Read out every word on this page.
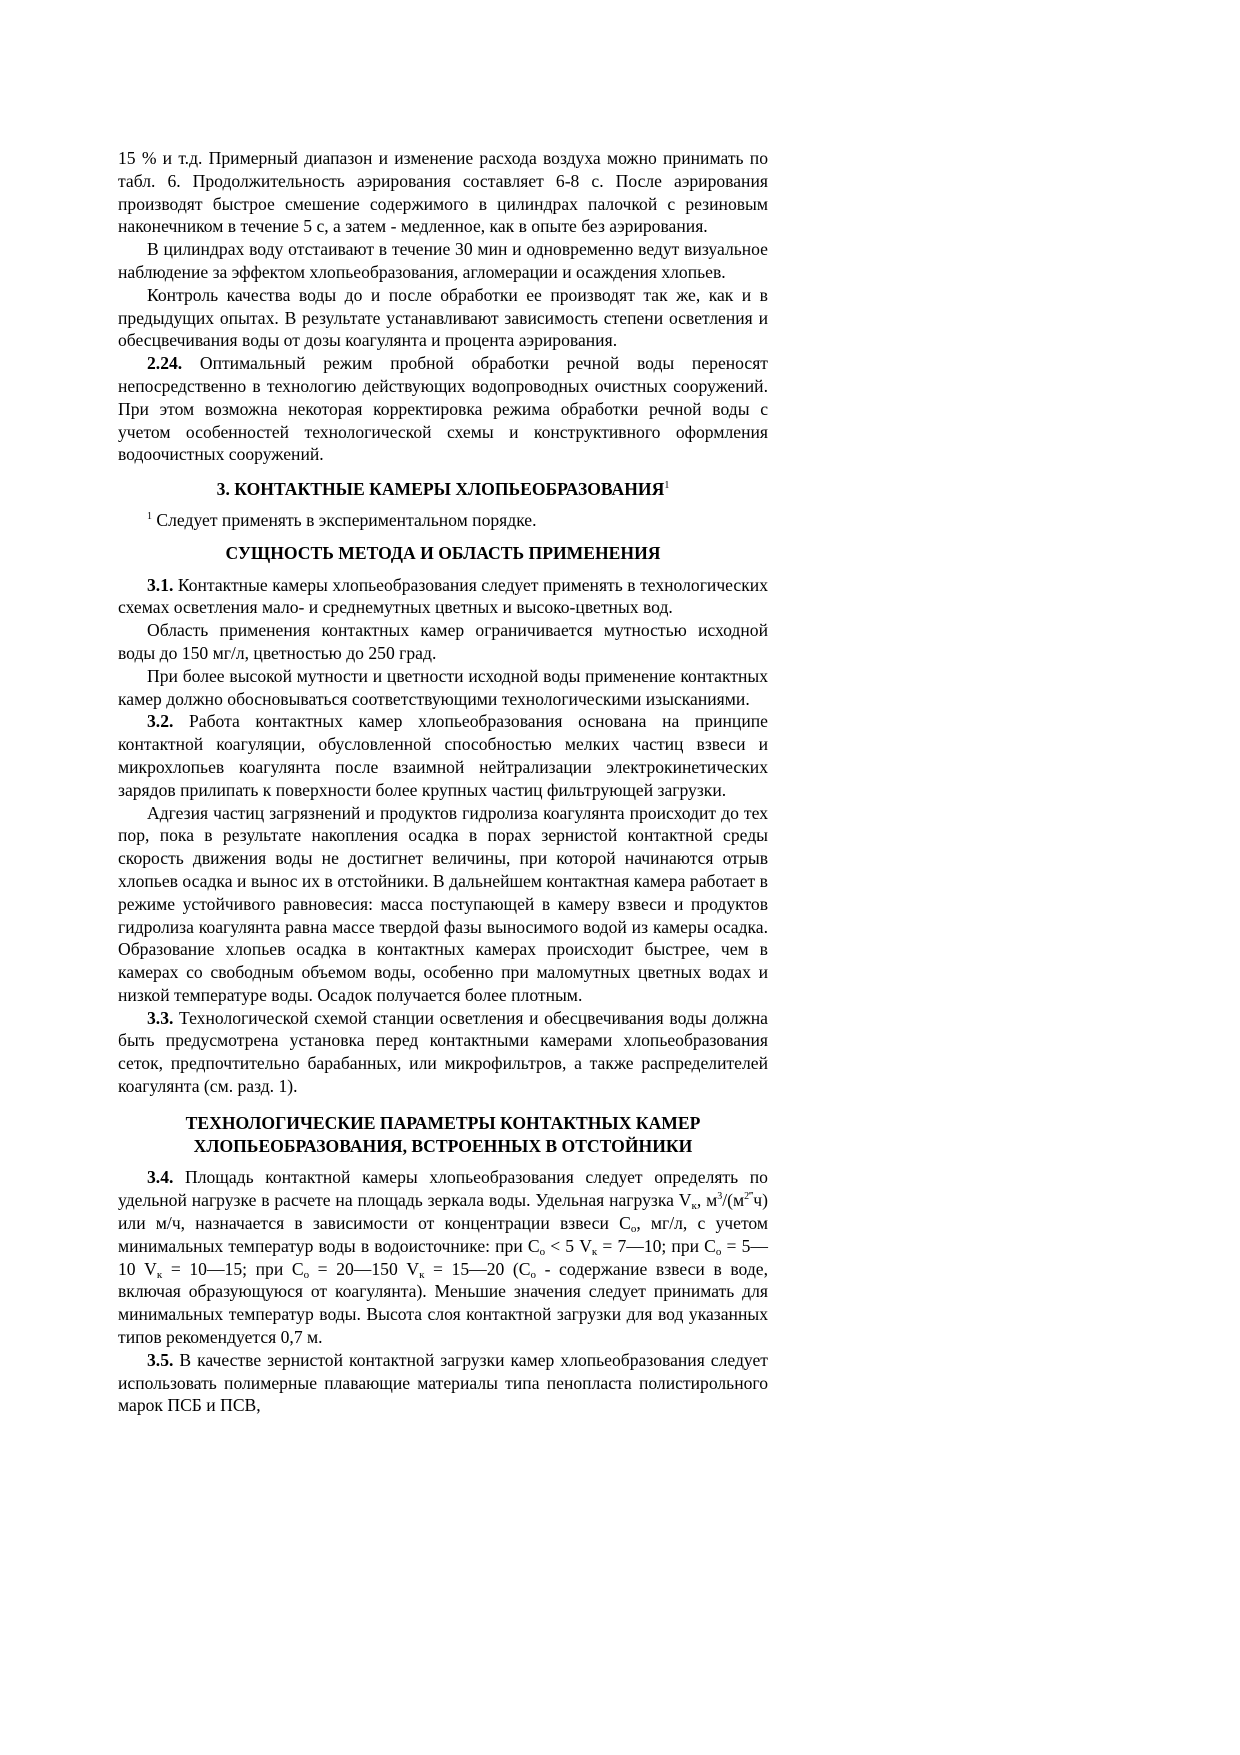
15 % и т.д. Примерный диапазон и изменение расхода воздуха можно принимать по табл. 6. Продолжительность аэрирования составляет 6-8 с. После аэрирования производят быстрое смешение содержимого в цилиндрах палочкой с резиновым наконечником в течение 5 с, а затем - медленное, как в опыте без аэрирования.

В цилиндрах воду отстаивают в течение 30 мин и одновременно ведут визуальное наблюдение за эффектом хлопьеобразования, агломерации и осаждения хлопьев.

Контроль качества воды до и после обработки ее производят так же, как и в предыдущих опытах. В результате устанавливают зависимость степени осветления и обесцвечивания воды от дозы коагулянта и процента аэрирования.

2.24. Оптимальный режим пробной обработки речной воды переносят непосредственно в технологию действующих водопроводных очистных сооружений. При этом возможна некоторая корректировка режима обработки речной воды с учетом особенностей технологической схемы и конструктивного оформления водоочистных сооружений.

3. КОНТАКТНЫЕ КАМЕРЫ ХЛОПЬЕОБРАЗОВАНИЯ$^1$

$^1$ Следует применять в экспериментальном порядке.

СУЩНОСТЬ МЕТОДА И ОБЛАСТЬ ПРИМЕНЕНИЯ

3.1. Контактные камеры хлопьеобразования следует применять в технологических схемах осветления мало- и среднемутных цветных и высоко-цветных вод.

Область применения контактных камер ограничивается мутностью исходной воды до 150 мг/л, цветностью до 250 град.

При более высокой мутности и цветности исходной воды применение контактных камер должно обосновываться соответствующими технологическими изысканиями.

3.2. Работа контактных камер хлопьеобразования основана на принципе контактной коагуляции, обусловленной способностью мелких частиц взвеси и микрохлопьев коагулянта после взаимной нейтрализации электрокинетических зарядов прилипать к поверхности более крупных частиц фильтрующей загрузки.

Адгезия частиц загрязнений и продуктов гидролиза коагулянта происходит до тех пор, пока в результате накопления осадка в порах зернистой контактной среды скорость движения воды не достигнет величины, при которой начинаются отрыв хлопьев осадка и вынос их в отстойники. В дальнейшем контактная камера работает в режиме устойчивого равновесия: масса поступающей в камеру взвеси и продуктов гидролиза коагулянта равна массе твердой фазы выносимого водой из камеры осадка. Образование хлопьев осадка в контактных камерах происходит быстрее, чем в камерах со свободным объемом воды, особенно при маломутных цветных водах и низкой температуре воды. Осадок получается более плотным.

3.3. Технологической схемой станции осветления и обесцвечивания воды должна быть предусмотрена установка перед контактными камерами хлопьеобразования сеток, предпочтительно барабанных, или микрофильтров, а также распределителей коагулянта (см. разд. 1).

ТЕХНОЛОГИЧЕСКИЕ ПАРАМЕТРЫ КОНТАКТНЫХ КАМЕР
ХЛОПЬЕОБРАЗОВАНИЯ, ВСТРОЕННЫХ В ОТСТОЙНИКИ

3.4. Площадь контактной камеры хлопьеобразования следует определять по удельной нагрузке в расчете на площадь зеркала воды. Удельная нагрузка $V_к$, $м^3/(м^{2‴}ч)$ или м/ч, назначается в зависимости от концентрации взвеси $С_о$, мг/л, с учетом минимальных температур воды в водоисточнике: при $С_о < 5$ $V_к$ = 7—10; при $С_о$ = 5—10 $V_к$ = 10—15; при $С_о$ = 20—150 $V_к$ = 15—20 ($С_о$ - содержание взвеси в воде, включая образующуюся от коагулянта). Меньшие значения следует принимать для минимальных температур воды. Высота слоя контактной загрузки для вод указанных типов рекомендуется 0,7 м.

3.5. В качестве зернистой контактной загрузки камер хлопьеобразования следует использовать полимерные плавающие материалы типа пенопласта полистирольного марок ПСБ и ПСВ,
